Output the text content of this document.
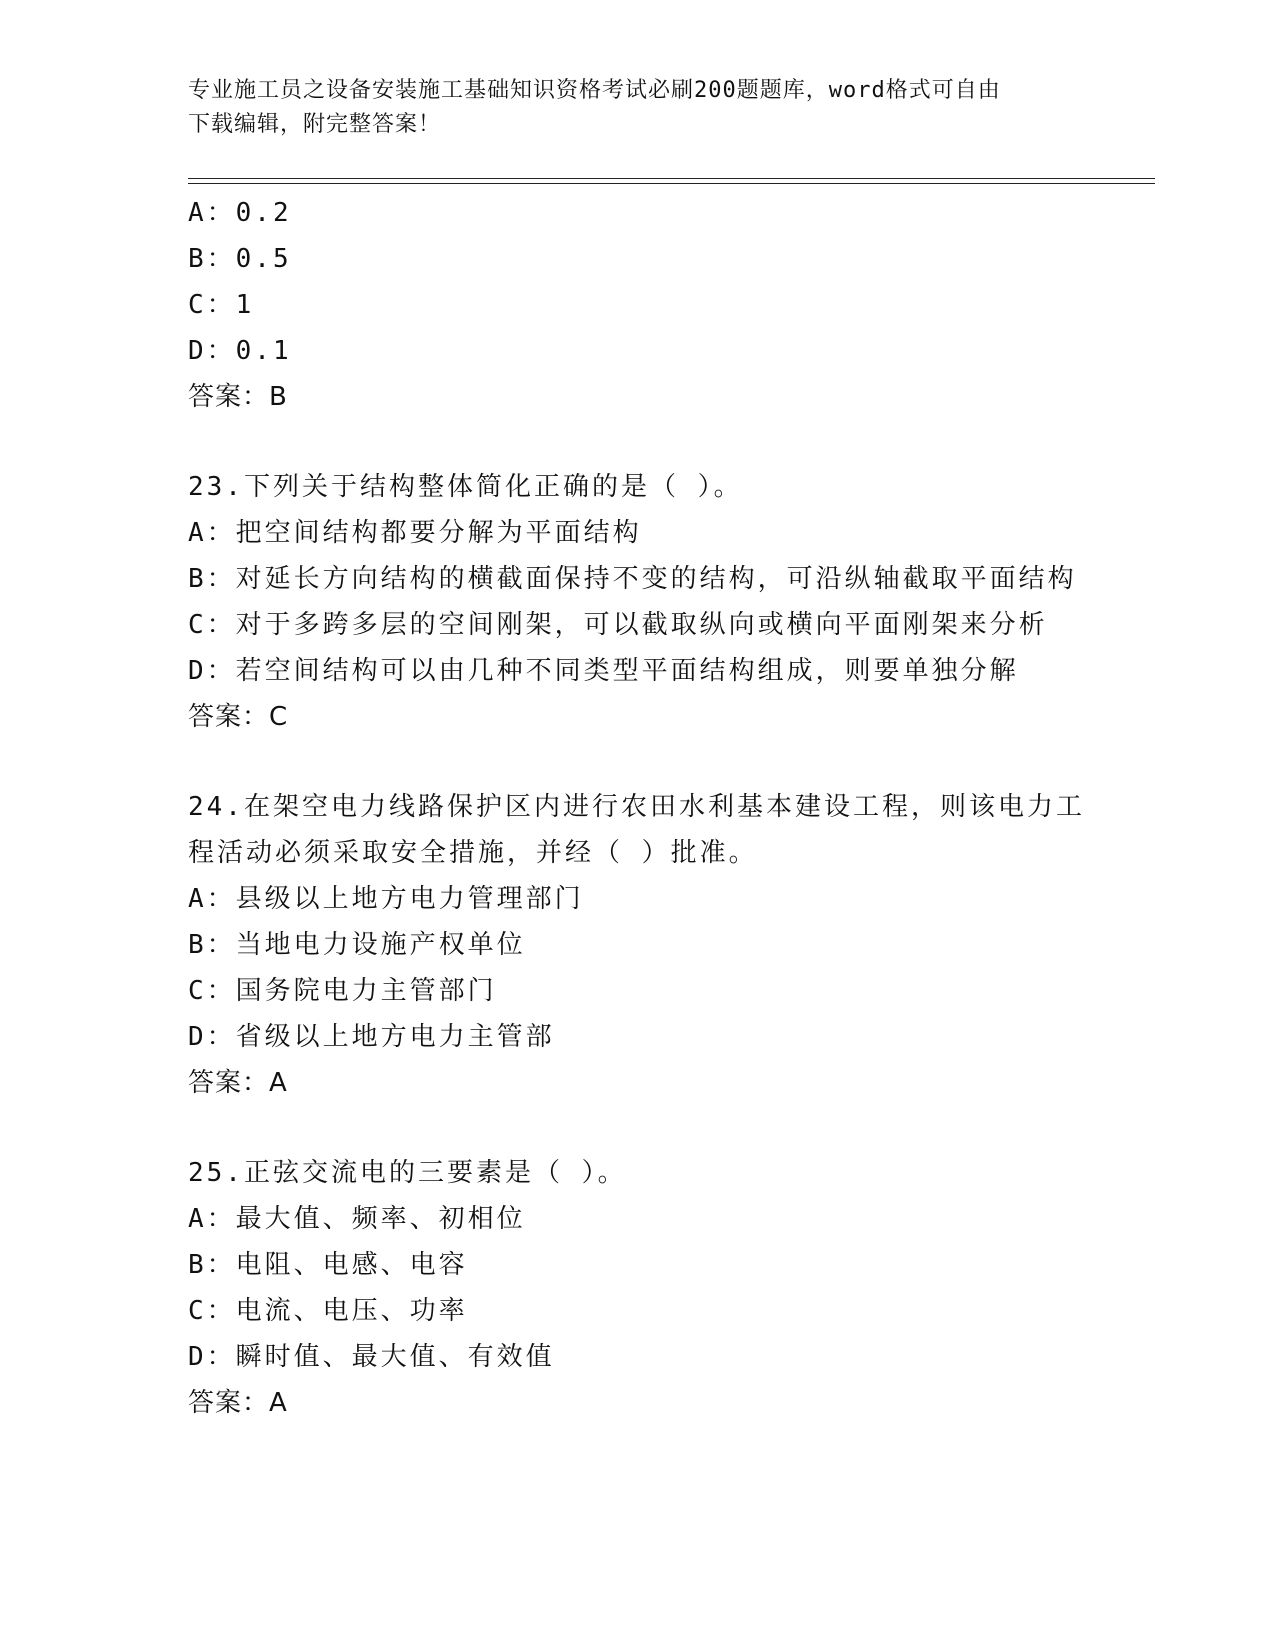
专业施工员之设备安装施工基础知识资格考试必刷200题题库，word格式可自由
下载编辑，附完整答案！
A：0.2
B：0.5
C：1
D：0.1
答案：B
23.下列关于结构整体简化正确的是（ ）。
A：把空间结构都要分解为平面结构
B：对延长方向结构的横截面保持不变的结构，可沿纵轴截取平面结构
C：对于多跨多层的空间刚架，可以截取纵向或横向平面刚架来分析
D：若空间结构可以由几种不同类型平面结构组成，则要单独分解
答案：C
24.在架空电力线路保护区内进行农田水利基本建设工程，则该电力工
程活动必须采取安全措施，并经（ ）批准。
A：县级以上地方电力管理部门
B：当地电力设施产权单位
C：国务院电力主管部门
D：省级以上地方电力主管部
答案：A
25.正弦交流电的三要素是（ ）。
A：最大值、频率、初相位
B：电阻、电感、电容
C：电流、电压、功率
D：瞬时值、最大值、有效值
答案：A
